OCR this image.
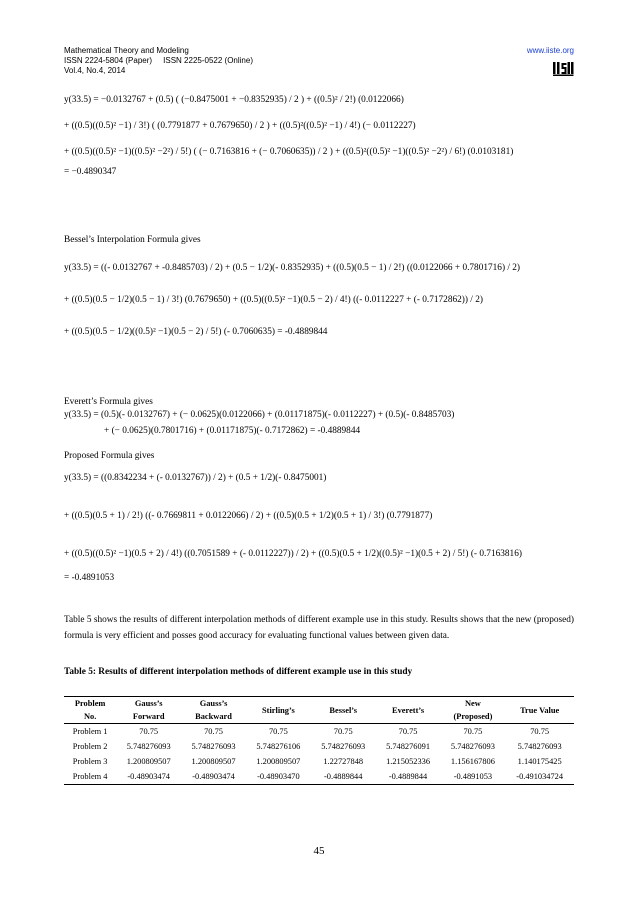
Mathematical Theory and Modeling
ISSN 2224-5804 (Paper)     ISSN 2225-0522 (Online)
Vol.4, No.4, 2014
www.iiste.org
y(33.5) = −0.0132767 + (0.5) ( (−0.8475001 + −0.8352935) / 2 ) + ((0.5)² / 2!) (0.0122066)
+ ((0.5)((0.5)² −1) / 3!) ( (0.7791877 + 0.7679650) / 2 ) + ((0.5)²((0.5)² −1) / 4!) (− 0.0112227)
+ ((0.5)((0.5)² −1)((0.5)² −2²) / 5!) ( (− 0.7163816 + (− 0.7060635)) / 2 ) + ((0.5)²((0.5)² −1)((0.5)² −2²) / 6!) (0.0103181)
= −0.4890347
Bessel’s Interpolation Formula gives
y(33.5) = ((- 0.0132767 + -0.8485703) / 2) + (0.5 − 1/2)(- 0.8352935) + ((0.5)(0.5 − 1) / 2!) ((0.0122066 + 0.7801716) / 2)
+ ((0.5)(0.5 − 1/2)(0.5 − 1) / 3!) (0.7679650) + ((0.5)((0.5)² −1)(0.5 − 2) / 4!) ((- 0.0112227 + (- 0.7172862)) / 2)
+ ((0.5)(0.5 − 1/2)((0.5)² −1)(0.5 − 2) / 5!) (- 0.7060635) = -0.4889844
Everett’s Formula gives
y(33.5) = (0.5)(- 0.0132767) + (− 0.0625)(0.0122066) + (0.01171875)(- 0.0112227) + (0.5)(- 0.8485703)
+ (− 0.0625)(0.7801716) + (0.01171875)(- 0.7172862) = -0.4889844
Proposed Formula gives
y(33.5) = ((0.8342234 + (- 0.0132767)) / 2) + (0.5 + 1/2)(- 0.8475001)
+ ((0.5)(0.5 + 1) / 2!) ((- 0.7669811 + 0.0122066) / 2) + ((0.5)(0.5 + 1/2)(0.5 + 1) / 3!) (0.7791877)
+ ((0.5)((0.5)² −1)(0.5 + 2) / 4!) ((0.7051589 + (- 0.0112227)) / 2) + ((0.5)(0.5 + 1/2)((0.5)² −1)(0.5 + 2) / 5!) (- 0.7163816)
= -0.4891053
Table 5 shows the results of different interpolation methods of different example use in this study. Results shows that the new (proposed) formula is very efficient and posses good accuracy for evaluating functional values between given data.
Table 5: Results of different interpolation methods of different example use in this study
Problem	Gauss’s	Gauss’s	Stirling’s	Bessel’s	Everett’s	New	True Value
No.	Forward	Backward				(Proposed)	
Problem 1	70.75	70.75	70.75	70.75	70.75	70.75	70.75
Problem 2	5.748276093	5.748276093	5.748276106	5.748276093	5.748276091	5.748276093	5.748276093
Problem 3	1.200809507	1.200809507	1.200809507	1.22727848	1.215052336	1.156167806	1.140175425
Problem 4	-0.48903474	-0.48903474	-0.48903470	-0.4889844	-0.4889844	-0.4891053	-0.491034724
45
